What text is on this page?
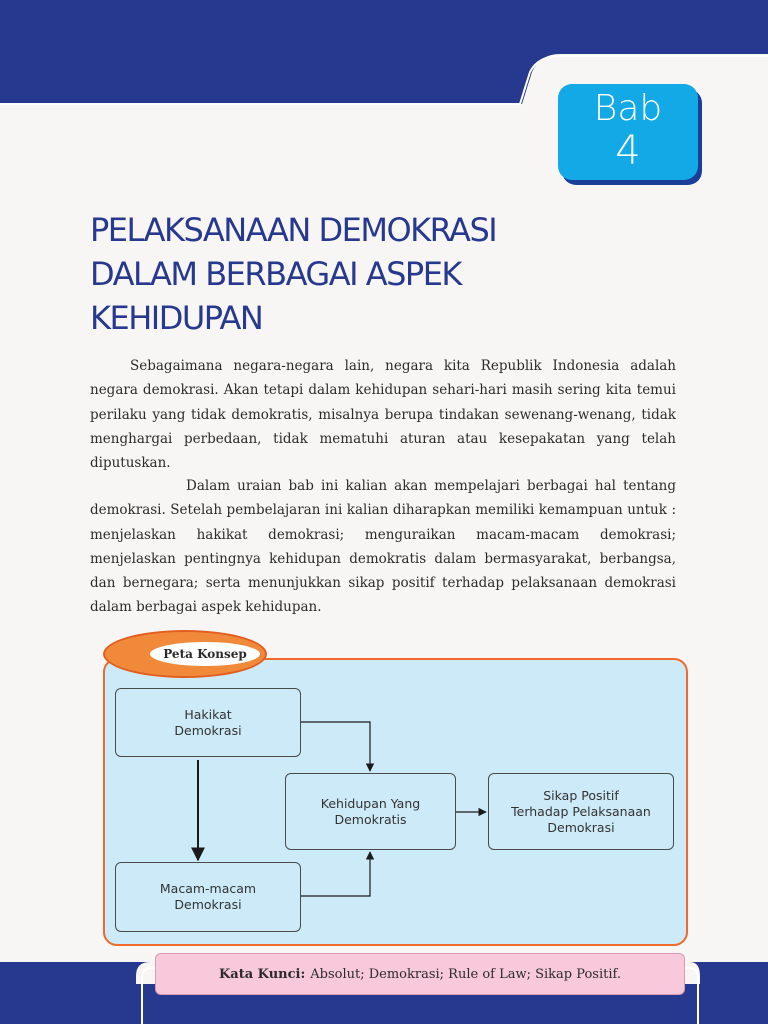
Bab
4
PELAKSANAAN DEMOKRASI
DALAM BERBAGAI ASPEK
KEHIDUPAN

Sebagaimana negara-negara lain, negara kita Republik Indonesia adalah negara demokrasi. Akan tetapi dalam kehidupan sehari-hari masih sering kita temui perilaku yang tidak demokratis, misalnya berupa tindakan sewenang-wenang, tidak menghargai perbedaan, tidak mematuhi aturan atau kesepakatan yang telah diputuskan.

Dalam uraian bab ini kalian akan mempelajari berbagai hal tentang demokrasi. Setelah pembelajaran ini kalian diharapkan memiliki kemampuan untuk : menjelaskan hakikat demokrasi; menguraikan macam-macam demokrasi; menjelaskan pentingnya kehidupan demokratis dalam bermasyarakat, berbangsa, dan bernegara; serta menunjukkan sikap positif terhadap pelaksanaan demokrasi dalam berbagai aspek kehidupan.

Peta Konsep
Hakikat
Demokrasi
Kehidupan Yang
Demokratis
Sikap Positif
Terhadap Pelaksanaan
Demokrasi
Macam-macam
Demokrasi
Kata Kunci: Absolut; Demokrasi; Rule of Law; Sikap Positif.
